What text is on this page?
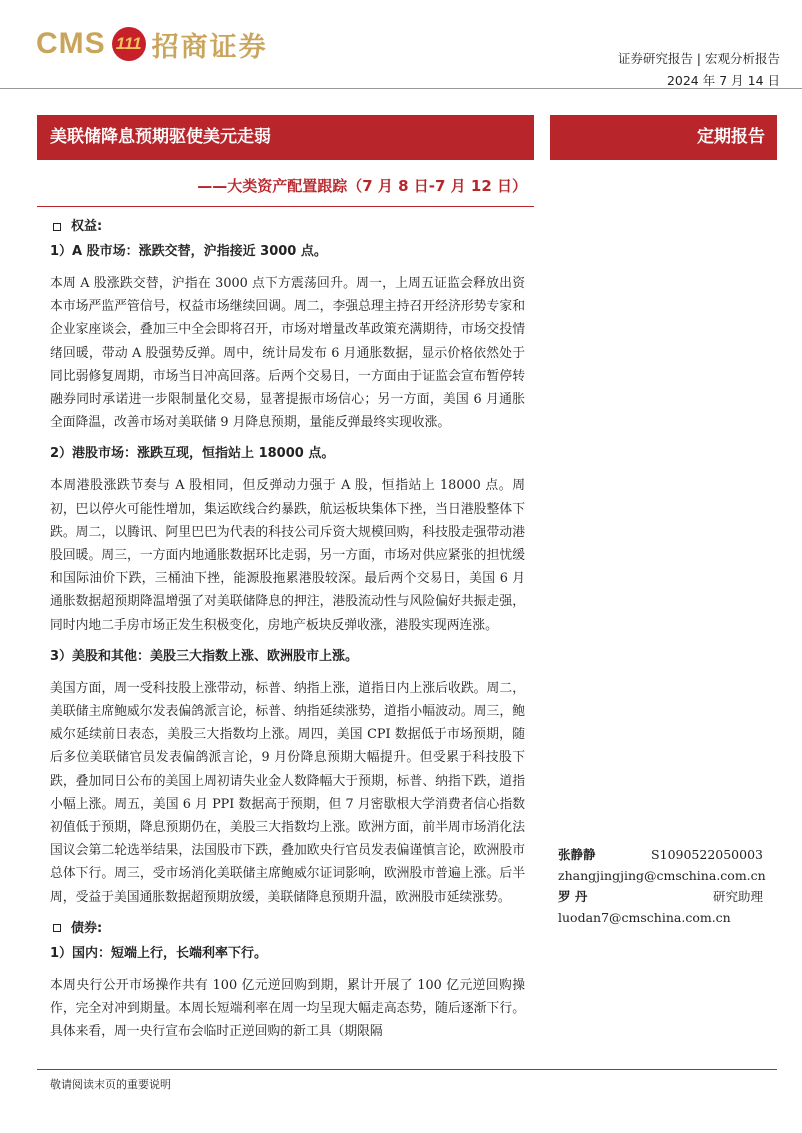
CMS 111 招商证券	证券研究报告 | 宏观分析报告
2024 年 7 月 14 日
美联储降息预期驱使美元走弱	定期报告
——大类资产配置跟踪（7 月 8 日-7 月 12 日）
权益:
1）A 股市场：涨跌交替，沪指接近 3000 点。
本周 A 股涨跌交替，沪指在 3000 点下方震荡回升。周一，上周五证监会释放出资本市场严监严管信号，权益市场继续回调。周二，李强总理主持召开经济形势专家和企业家座谈会，叠加三中全会即将召开，市场对增量改革政策充满期待，市场交投情绪回暖，带动 A 股强势反弹。周中，统计局发布 6 月通胀数据，显示价格依然处于同比弱修复周期，市场当日冲高回落。后两个交易日，一方面由于证监会宣布暂停转融券同时承诺进一步限制量化交易，显著提振市场信心；另一方面，美国 6 月通胀全面降温，改善市场对美联储 9 月降息预期，量能反弹最终实现收涨。
2）港股市场：涨跌互现，恒指站上 18000 点。
本周港股涨跌节奏与 A 股相同，但反弹动力强于 A 股，恒指站上 18000 点。周初，巴以停火可能性增加，集运欧线合约暴跌，航运板块集体下挫，当日港股整体下跌。周二，以腾讯、阿里巴巴为代表的科技公司斥资大规模回购，科技股走强带动港股回暖。周三，一方面内地通胀数据环比走弱，另一方面，市场对供应紧张的担忧缓和国际油价下跌，三桶油下挫，能源股拖累港股较深。最后两个交易日，美国 6 月通胀数据超预期降温增强了对美联储降息的押注，港股流动性与风险偏好共振走强，同时内地二手房市场正发生积极变化，房地产板块反弹收涨，港股实现两连涨。
3）美股和其他：美股三大指数上涨、欧洲股市上涨。
美国方面，周一受科技股上涨带动，标普、纳指上涨，道指日内上涨后收跌。周二，美联储主席鲍威尔发表偏鸽派言论，标普、纳指延续涨势，道指小幅波动。周三，鲍威尔延续前日表态，美股三大指数均上涨。周四，美国 CPI 数据低于市场预期，随后多位美联储官员发表偏鸽派言论，9 月份降息预期大幅提升。但受累于科技股下跌，叠加同日公布的美国上周初请失业金人数降幅大于预期，标普、纳指下跌，道指小幅上涨。周五，美国 6 月 PPI 数据高于预期，但 7 月密歇根大学消费者信心指数初值低于预期，降息预期仍在，美股三大指数均上涨。欧洲方面，前半周市场消化法国议会第二轮选举结果，法国股市下跌，叠加欧央行官员发表偏谨慎言论，欧洲股市总体下行。周三，受市场消化美联储主席鲍威尔证词影响，欧洲股市普遍上涨。后半周，受益于美国通胀数据超预期放缓，美联储降息预期升温，欧洲股市延续涨势。
债券:
1）国内：短端上行，长端利率下行。
本周央行公开市场操作共有 100 亿元逆回购到期，累计开展了 100 亿元逆回购操作，完全对冲到期量。本周长短端利率在周一均呈现大幅走高态势，随后逐渐下行。具体来看，周一央行宣布会临时正逆回购的新工具（期限隔
张静静	S1090522050003
zhangjingjing@cmschina.com.cn
罗 丹	研究助理
luodan7@cmschina.com.cn
敬请阅读末页的重要说明
